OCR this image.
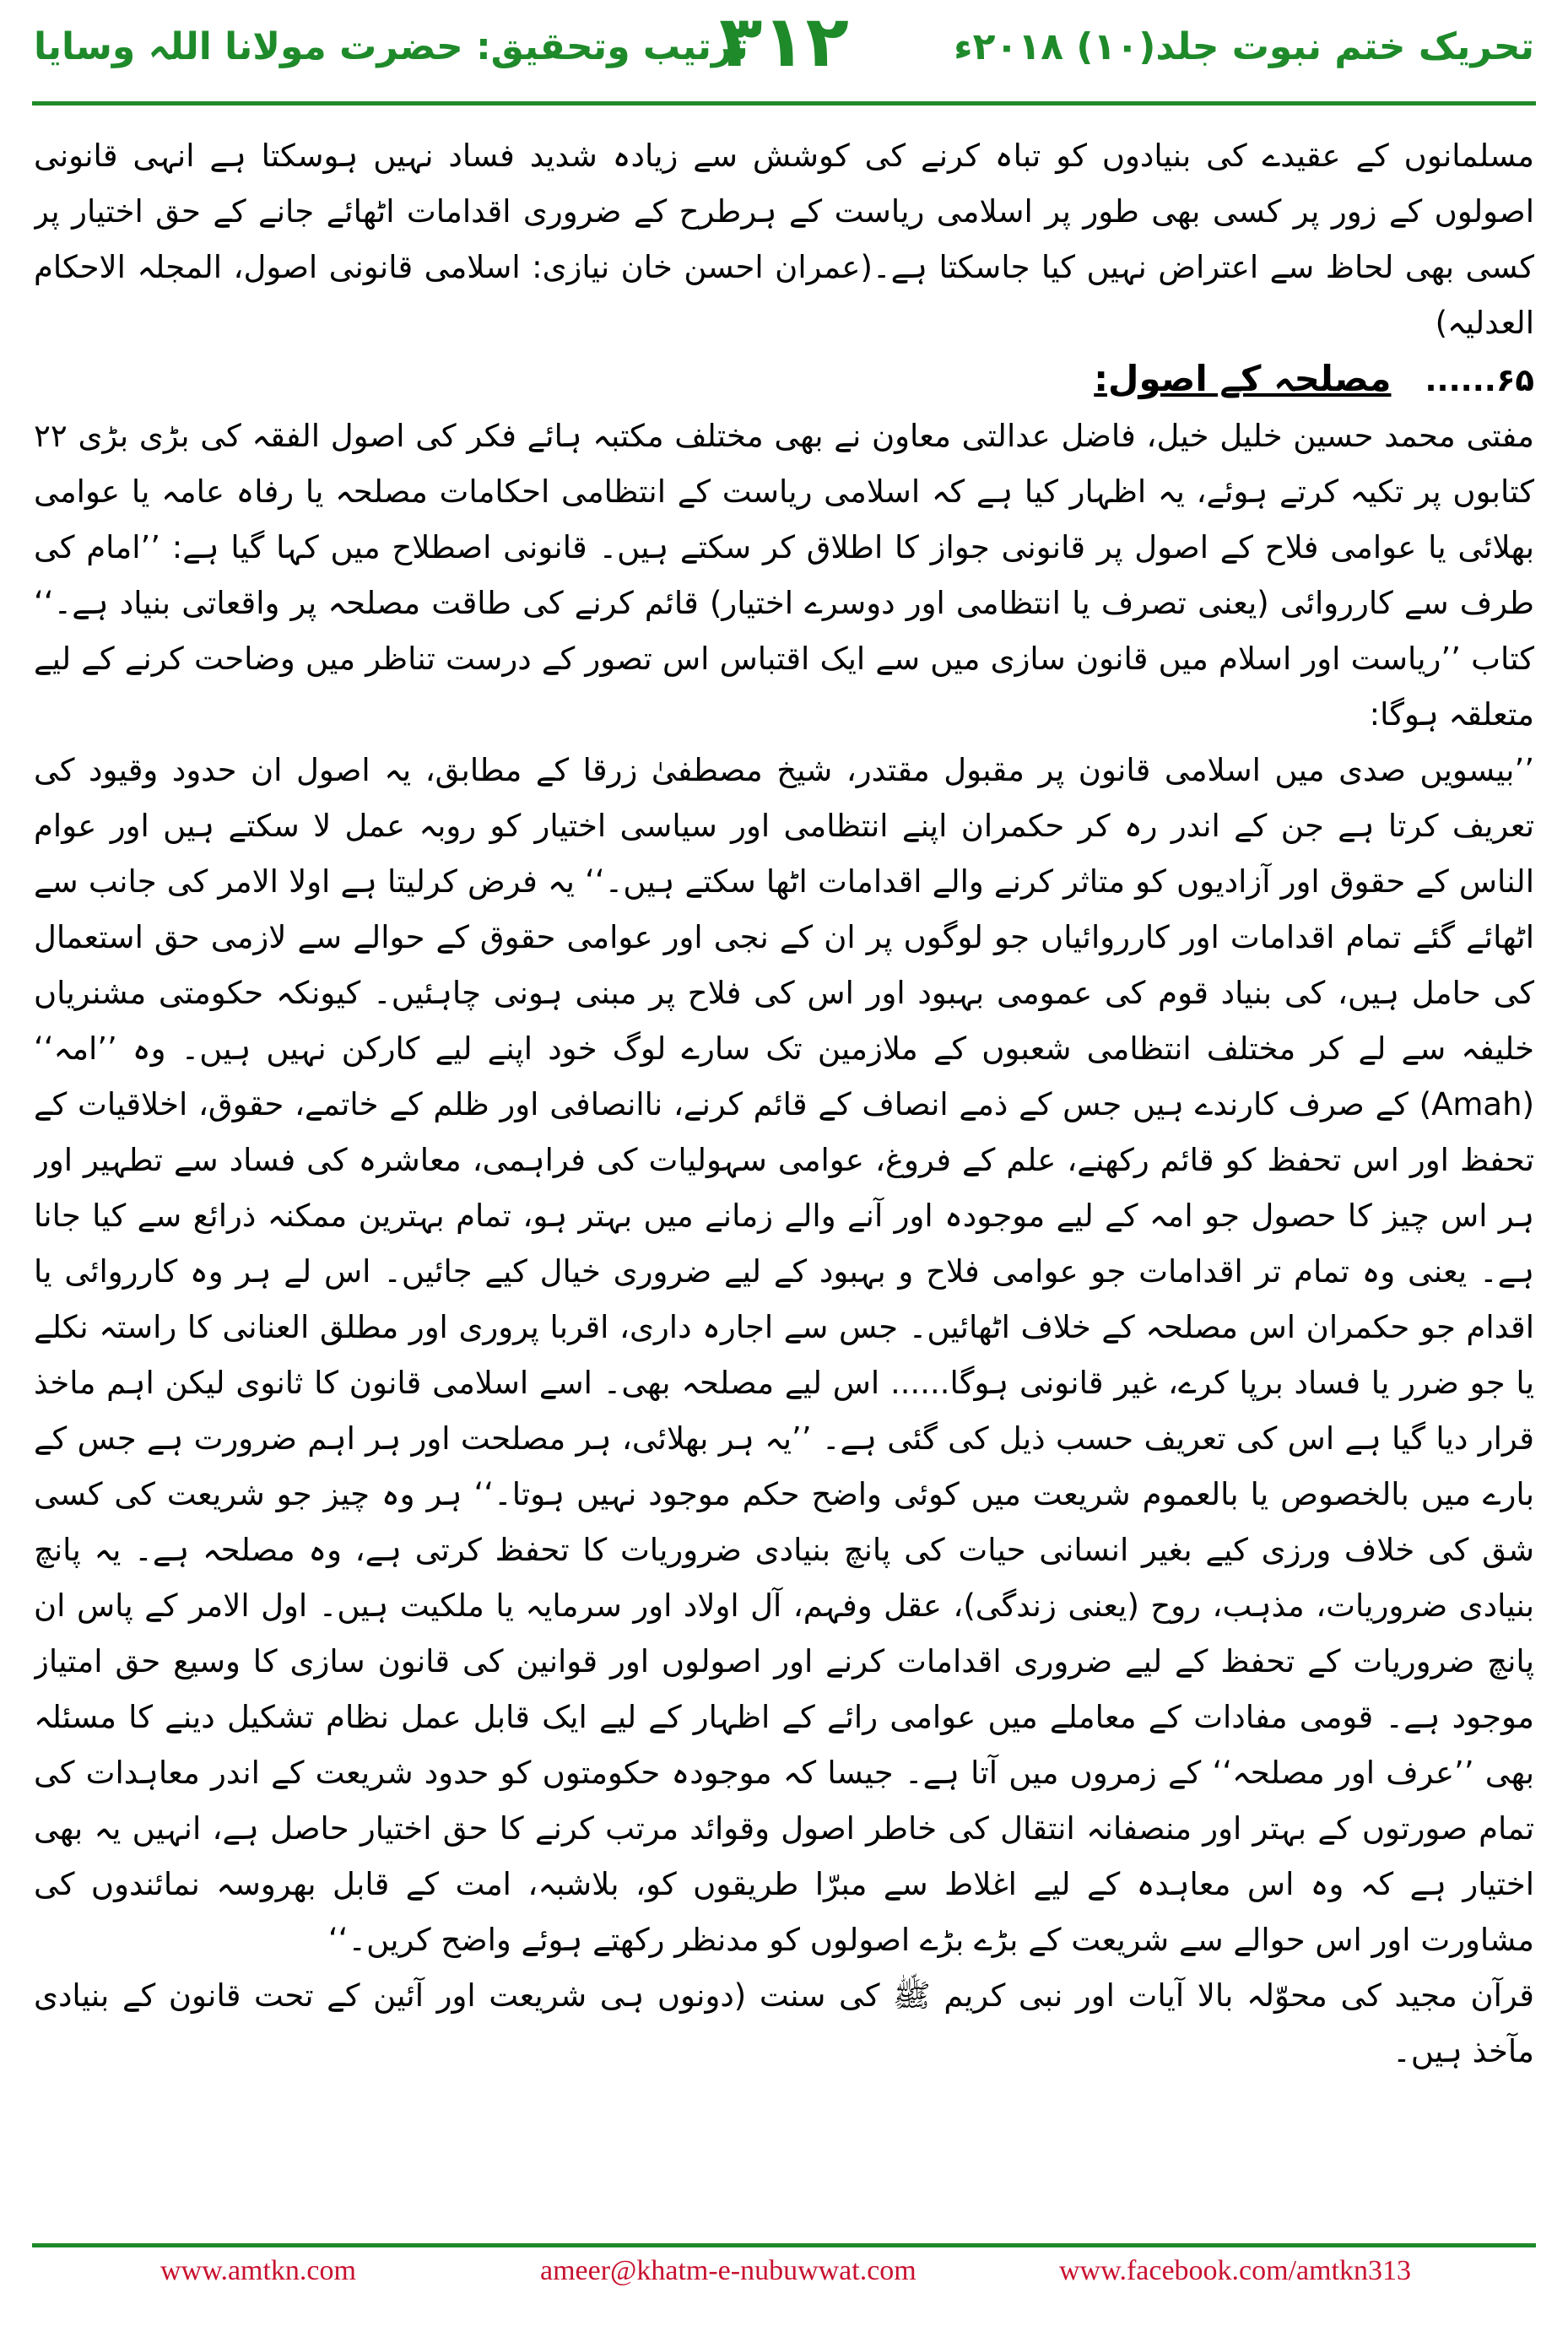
ترتیب وتحقیق: حضرت مولانا اللہ وسایا
۳۱۲	تحریک ختم نبوت جلد(۱۰) ۲۰۱۸ء

مسلمانوں کے عقیدے کی بنیادوں کو تباہ کرنے کی کوشش سے زیادہ شدید فساد نہیں ہوسکتا ہے انہی قانونی اصولوں کے زور پر کسی بھی طور پر اسلامی ریاست کے ہرطرح کے ضروری اقدامات اٹھائے جانے کے حق اختیار پر کسی بھی لحاظ سے اعتراض نہیں کیا جاسکتا ہے۔(عمران احسن خان نیازی: اسلامی قانونی اصول، المجلہ الاحکام العدلیہ)

۶۵......
مصلحہ کے اصول:

مفتی محمد حسین خلیل خیل، فاضل عدالتی معاون نے بھی مختلف مکتبہ ہائے فکر کی اصول الفقہ کی بڑی بڑی ۲۲ کتابوں پر تکیہ کرتے ہوئے، یہ اظہار کیا ہے کہ اسلامی ریاست کے انتظامی احکامات مصلحہ یا رفاہ عامہ یا عوامی بھلائی یا عوامی فلاح کے اصول پر قانونی جواز کا اطلاق کر سکتے ہیں۔ قانونی اصطلاح میں کہا گیا ہے: ’’امام کی طرف سے کارروائی (یعنی تصرف یا انتظامی اور دوسرے اختیار) قائم کرنے کی طاقت مصلحہ پر واقعاتی بنیاد ہے۔‘‘ کتاب ’’ریاست اور اسلام میں قانون سازی میں سے ایک اقتباس اس تصور کے درست تناظر میں وضاحت کرنے کے لیے متعلقہ ہوگا:

’’بیسویں صدی میں اسلامی قانون پر مقبول مقتدر، شیخ مصطفیٰ زرقا کے مطابق، یہ اصول ان حدود وقیود کی تعریف کرتا ہے جن کے اندر رہ کر حکمران اپنے انتظامی اور سیاسی اختیار کو روبہ عمل لا سکتے ہیں اور عوام الناس کے حقوق اور آزادیوں کو متاثر کرنے والے اقدامات اٹھا سکتے ہیں۔‘‘ یہ فرض کرلیتا ہے اولا الامر کی جانب سے اٹھائے گئے تمام اقدامات اور کارروائیاں جو لوگوں پر ان کے نجی اور عوامی حقوق کے حوالے سے لازمی حق استعمال کی حامل ہیں، کی بنیاد قوم کی عمومی بہبود اور اس کی فلاح پر مبنی ہونی چاہئیں۔ کیونکہ حکومتی مشنریاں خلیفہ سے لے کر مختلف انتظامی شعبوں کے ملازمین تک سارے لوگ خود اپنے لیے کارکن نہیں ہیں۔ وہ ’’امہ‘‘ (Amah) کے صرف کارندے ہیں جس کے ذمے انصاف کے قائم کرنے، ناانصافی اور ظلم کے خاتمے، حقوق، اخلاقیات کے تحفظ اور اس تحفظ کو قائم رکھنے، علم کے فروغ، عوامی سہولیات کی فراہمی، معاشرہ کی فساد سے تطہیر اور ہر اس چیز کا حصول جو امہ کے لیے موجودہ اور آنے والے زمانے میں بہتر ہو، تمام بہترین ممکنہ ذرائع سے کیا جانا ہے۔ یعنی وہ تمام تر اقدامات جو عوامی فلاح و بہبود کے لیے ضروری خیال کیے جائیں۔ اس لے ہر وہ کارروائی یا اقدام جو حکمران اس مصلحہ کے خلاف اٹھائیں۔ جس سے اجارہ داری، اقربا پروری اور مطلق العنانی کا راستہ نکلے یا جو ضرر یا فساد برپا کرے، غیر قانونی ہوگا...... اس لیے مصلحہ بھی۔ اسے اسلامی قانون کا ثانوی لیکن اہم ماخذ قرار دیا گیا ہے اس کی تعریف حسب ذیل کی گئی ہے۔ ’’یہ ہر بھلائی، ہر مصلحت اور ہر اہم ضرورت ہے جس کے بارے میں بالخصوص یا بالعموم شریعت میں کوئی واضح حکم موجود نہیں ہوتا۔‘‘ ہر وہ چیز جو شریعت کی کسی شق کی خلاف ورزی کیے بغیر انسانی حیات کی پانچ بنیادی ضروریات کا تحفظ کرتی ہے، وہ مصلحہ ہے۔ یہ پانچ بنیادی ضروریات، مذہب، روح (یعنی زندگی)، عقل وفہم، آل اولاد اور سرمایہ یا ملکیت ہیں۔ اول الامر کے پاس ان پانچ ضروریات کے تحفظ کے لیے ضروری اقدامات کرنے اور اصولوں اور قوانین کی قانون سازی کا وسیع حق امتیاز موجود ہے۔ قومی مفادات کے معاملے میں عوامی رائے کے اظہار کے لیے ایک قابل عمل نظام تشکیل دینے کا مسئلہ بھی ’’عرف اور مصلحہ‘‘ کے زمروں میں آتا ہے۔ جیسا کہ موجودہ حکومتوں کو حدود شریعت کے اندر معاہدات کی تمام صورتوں کے بہتر اور منصفانہ انتقال کی خاطر اصول وقوائد مرتب کرنے کا حق اختیار حاصل ہے، انہیں یہ بھی اختیار ہے کہ وہ اس معاہدہ کے لیے اغلاط سے مبرّا طریقوں کو، بلاشبہ، امت کے قابل بھروسہ نمائندوں کی مشاورت اور اس حوالے سے شریعت کے بڑے بڑے اصولوں کو مدنظر رکھتے ہوئے واضح کریں۔‘‘

قرآن مجید کی محوّلہ بالا آیات اور نبی کریم ﷺ کی سنت (دونوں ہی شریعت اور آئین کے تحت قانون کے بنیادی مآخذ ہیں۔

www.amtkn.com	ameer@khatm-e-nubuwwat.com	www.facebook.com/amtkn313
